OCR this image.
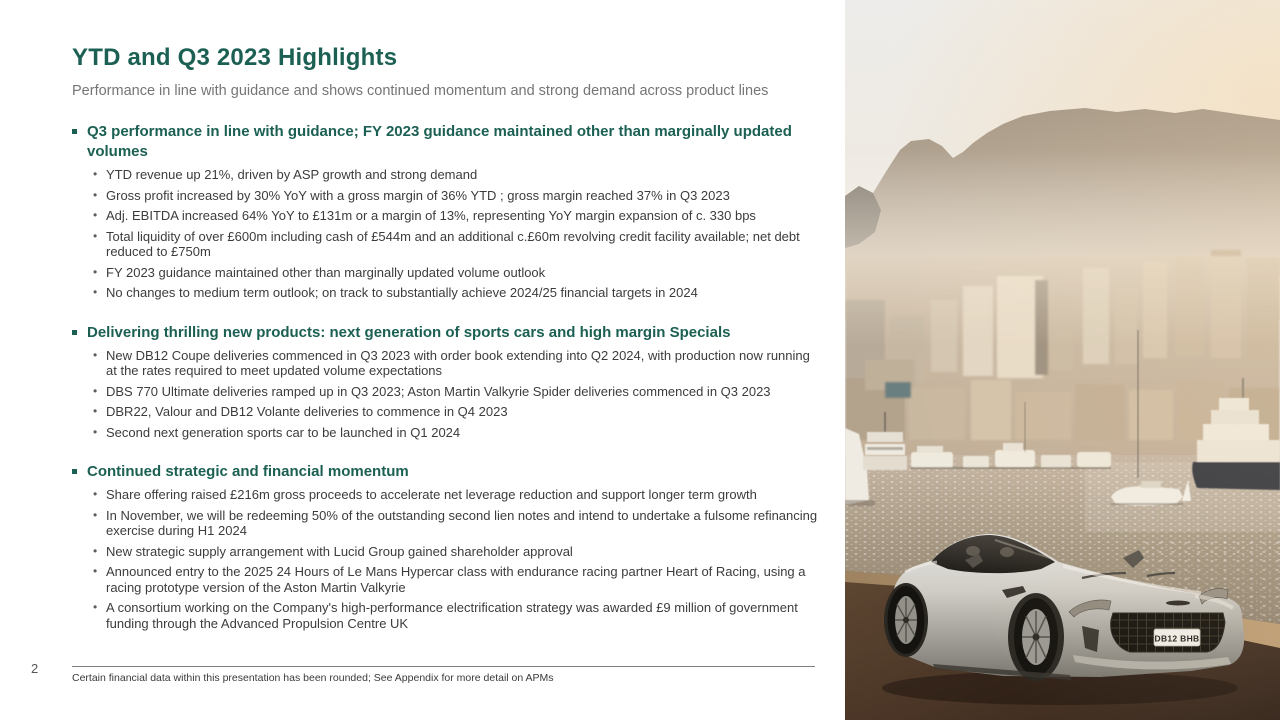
YTD and Q3 2023 Highlights

Performance in line with guidance and shows continued momentum and strong demand across product lines

Q3 performance in line with guidance; FY 2023 guidance maintained other than marginally updated volumes
• YTD revenue up 21%, driven by ASP growth and strong demand
• Gross profit increased by 30% YoY with a gross margin of 36% YTD ; gross margin reached 37% in Q3 2023
• Adj. EBITDA increased 64% YoY to £131m or a margin of 13%, representing YoY margin expansion of c. 330 bps
• Total liquidity of over £600m including cash of £544m and an additional c.£60m revolving credit facility available; net debt reduced to £750m
• FY 2023 guidance maintained other than marginally updated volume outlook
• No changes to medium term outlook; on track to substantially achieve 2024/25 financial targets in 2024
Delivering thrilling new products: next generation of sports cars and high margin Specials
• New DB12 Coupe deliveries commenced in Q3 2023 with order book extending into Q2 2024, with production now running at the rates required to meet updated volume expectations
• DBS 770 Ultimate deliveries ramped up in Q3 2023; Aston Martin Valkyrie Spider deliveries commenced in Q3 2023
• DBR22, Valour and DB12 Volante deliveries to commence in Q4 2023
• Second next generation sports car to be launched in Q1 2024
Continued strategic and financial momentum
• Share offering raised £216m gross proceeds to accelerate net leverage reduction and support longer term growth
• In November, we will be redeeming 50% of the outstanding second lien notes and intend to undertake a fulsome refinancing exercise during H1 2024
• New strategic supply arrangement with Lucid Group gained shareholder approval
• Announced entry to the 2025 24 Hours of Le Mans Hypercar class with endurance racing partner Heart of Racing, using a racing prototype version of the Aston Martin Valkyrie
• A consortium working on the Company's high-performance electrification strategy was awarded £9 million of government funding through the Advanced Propulsion Centre UK
2
Certain financial data within this presentation has been rounded; See Appendix for more detail on APMs
DB12 BHB
